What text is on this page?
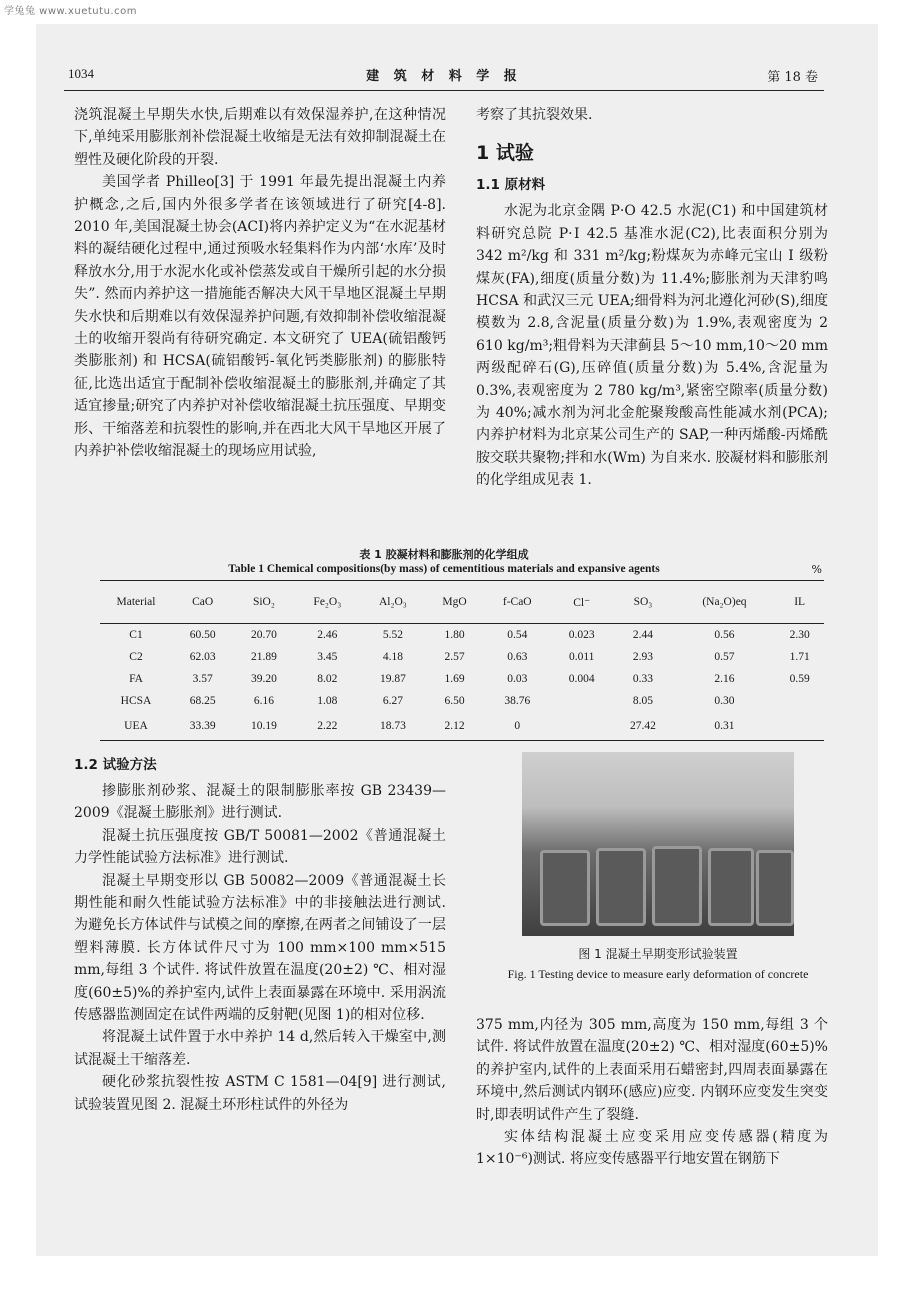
学兔兔 www.xuetutu.com
1034	建 筑 材 料 学 报	第 18 卷

浇筑混凝土早期失水快,后期难以有效保湿养护,在这种情况下,单纯采用膨胀剂补偿混凝土收缩是无法有效抑制混凝土在塑性及硬化阶段的开裂.

美国学者 Philleo[3] 于 1991 年最先提出混凝土内养护概念,之后,国内外很多学者在该领域进行了研究[4-8]. 2010 年,美国混凝土协会(ACI)将内养护定义为“在水泥基材料的凝结硬化过程中,通过预吸水轻集料作为内部‘水库’及时释放水分,用于水泥水化或补偿蒸发或自干燥所引起的水分损失”. 然而内养护这一措施能否解决大风干旱地区混凝土早期失水快和后期难以有效保湿养护问题,有效抑制补偿收缩混凝土的收缩开裂尚有待研究确定. 本文研究了 UEA(硫铝酸钙类膨胀剂) 和 HCSA(硫铝酸钙-氧化钙类膨胀剂) 的膨胀特征,比选出适宜于配制补偿收缩混凝土的膨胀剂,并确定了其适宜掺量;研究了内养护对补偿收缩混凝土抗压强度、早期变形、干缩落差和抗裂性的影响,并在西北大风干旱地区开展了内养护补偿收缩混凝土的现场应用试验,

考察了其抗裂效果.

1 试验
1.1 原材料

水泥为北京金隅 P·O 42.5 水泥(C1) 和中国建筑材料研究总院 P·Ⅰ 42.5 基准水泥(C2),比表面积分别为 342 m²/kg 和 331 m²/kg;粉煤灰为赤峰元宝山 Ⅰ 级粉煤灰(FA),细度(质量分数)为 11.4%;膨胀剂为天津豹鸣 HCSA 和武汉三元 UEA;细骨料为河北遵化河砂(S),细度模数为 2.8,含泥量(质量分数)为 1.9%,表观密度为 2 610 kg/m³;粗骨料为天津蓟县 5～10 mm,10～20 mm 两级配碎石(G),压碎值(质量分数)为 5.4%,含泥量为 0.3%,表观密度为 2 780 kg/m³,紧密空隙率(质量分数)为 40%;减水剂为河北金舵聚羧酸高性能减水剂(PCA);内养护材料为北京某公司生产的 SAP,一种丙烯酸-丙烯酰胺交联共聚物;拌和水(Wm) 为自来水. 胶凝材料和膨胀剂的化学组成见表 1.

表 1 胶凝材料和膨胀剂的化学组成
Table 1 Chemical compositions(by mass) of cementitious materials and expansive agents	%
Material	CaO	SiO₂	Fe₂O₃	Al₂O₃	MgO	f-CaO	Cl⁻	SO₃	(Na₂O)eq	IL
C1	60.50	20.70	2.46	5.52	1.80	0.54	0.023	2.44	0.56	2.30
C2	62.03	21.89	3.45	4.18	2.57	0.63	0.011	2.93	0.57	1.71
FA	3.57	39.20	8.02	19.87	1.69	0.03	0.004	0.33	2.16	0.59
HCSA	68.25	6.16	1.08	6.27	6.50	38.76		8.05	0.30	
UEA	33.39	10.19	2.22	18.73	2.12	0		27.42	0.31	
1.2 试验方法

掺膨胀剂砂浆、混凝土的限制膨胀率按 GB 23439—2009《混凝土膨胀剂》进行测试.

混凝土抗压强度按 GB/T 50081—2002《普通混凝土力学性能试验方法标准》进行测试.

混凝土早期变形以 GB 50082—2009《普通混凝土长期性能和耐久性能试验方法标准》中的非接触法进行测试. 为避免长方体试件与试模之间的摩擦,在两者之间铺设了一层塑料薄膜. 长方体试件尺寸为 100 mm×100 mm×515 mm,每组 3 个试件. 将试件放置在温度(20±2) ℃、相对湿度(60±5)%的养护室内,试件上表面暴露在环境中. 采用涡流传感器监测固定在试件两端的反射靶(见图 1)的相对位移.

将混凝土试件置于水中养护 14 d,然后转入干燥室中,测试混凝土干缩落差.

硬化砂浆抗裂性按 ASTM C 1581—04[9] 进行测试,试验装置见图 2. 混凝土环形柱试件的外径为

图 1 混凝土早期变形试验装置
Fig. 1 Testing device to measure early deformation of concrete

375 mm,内径为 305 mm,高度为 150 mm,每组 3 个试件. 将试件放置在温度(20±2) ℃、相对湿度(60±5)%的养护室内,试件的上表面采用石蜡密封,四周表面暴露在环境中,然后测试内钢环(感应)应变. 内钢环应变发生突变时,即表明试件产生了裂缝.

实体结构混凝土应变采用应变传感器(精度为 1×10⁻⁶)测试. 将应变传感器平行地安置在钢筋下
